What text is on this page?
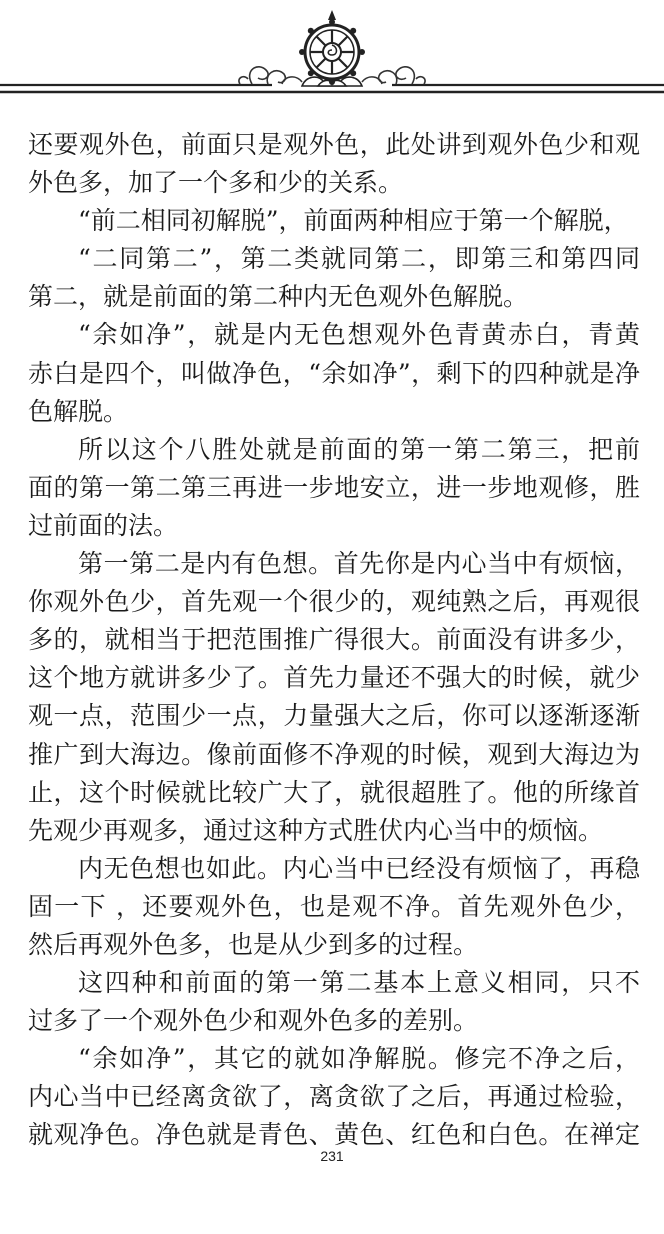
还要观外色，前面只是观外色，此处讲到观外色少和观
外色多，加了一个多和少的关系。
“前二相同初解脱”，前面两种相应于第一个解脱，
“二同第二”，第二类就同第二，即第三和第四同
第二，就是前面的第二种内无色观外色解脱。
“余如净”，就是内无色想观外色青黄赤白，青黄
赤白是四个，叫做净色，“余如净”，剩下的四种就是净
色解脱。
所以这个八胜处就是前面的第一第二第三，把前
面的第一第二第三再进一步地安立，进一步地观修，胜
过前面的法。
第一第二是内有色想。首先你是内心当中有烦恼，
你观外色少，首先观一个很少的，观纯熟之后，再观很
多的，就相当于把范围推广得很大。前面没有讲多少，
这个地方就讲多少了。首先力量还不强大的时候，就少
观一点，范围少一点，力量强大之后，你可以逐渐逐渐
推广到大海边。像前面修不净观的时候，观到大海边为
止，这个时候就比较广大了，就很超胜了。他的所缘首
先观少再观多，通过这种方式胜伏内心当中的烦恼。
内无色想也如此。内心当中已经没有烦恼了，再稳
固一下 ，还要观外色，也是观不净。首先观外色少，
然后再观外色多，也是从少到多的过程。
这四种和前面的第一第二基本上意义相同，只不
过多了一个观外色少和观外色多的差别。
“余如净”，其它的就如净解脱。修完不净之后，
内心当中已经离贪欲了，离贪欲了之后，再通过检验，
就观净色。净色就是青色、黄色、红色和白色。在禅定
231
